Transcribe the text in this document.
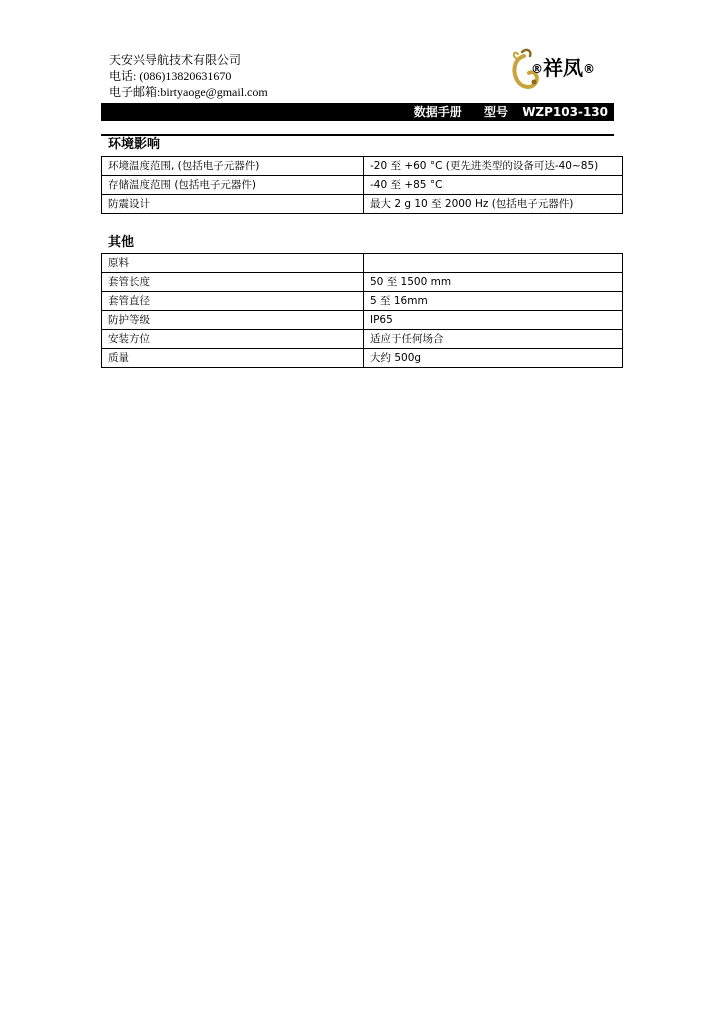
天安兴导航技术有限公司
电话: (086)13820631670
电子邮箱:birtyaoge@gmail.com
®祥凤®
数据手册 型号 WZP103-130
环境影响
环境温度范围, (包括电子元器件)	-20 至 +60 °C (更先进类型的设备可达-40~85)
存储温度范围 (包括电子元器件)	-40 至 +85 °C
防震设计	最大 2 g 10 至 2000 Hz (包括电子元器件)
其他
原料	
套管长度	50 至 1500 mm
套管直径	5 至 16mm
防护等级	IP65
安装方位	适应于任何场合
质量	大约 500g
